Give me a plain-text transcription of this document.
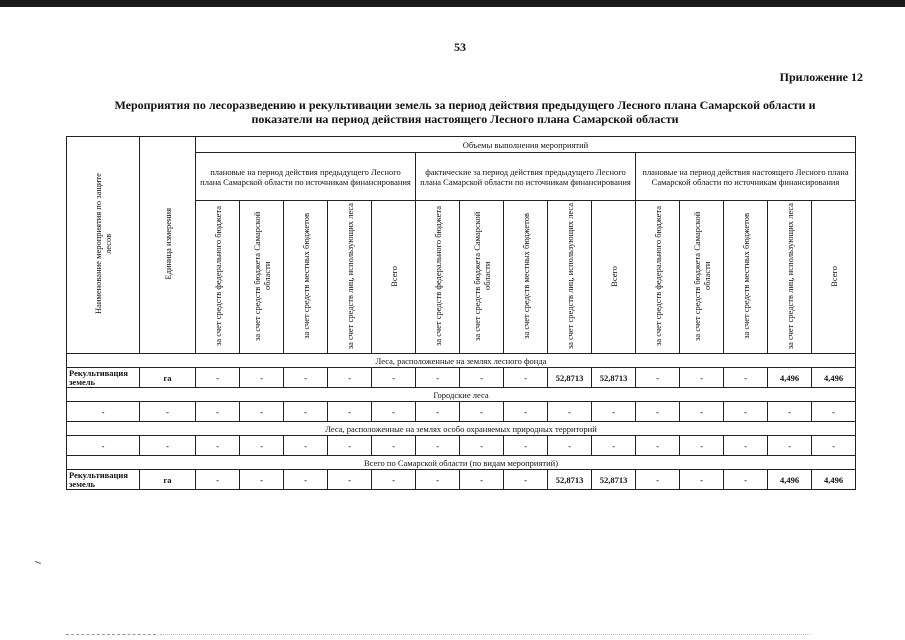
53
Приложение 12
Мероприятия по лесоразведению и рекультивации земель за период действия предыдущего Лесного плана Самарской области и
показатели на период действия настоящего Лесного плана Самарской области
Наименование мероприятия по защите лесов	Единица измерения	Объемы выполнения мероприятий														
		плановые на период действия предыдущего Лесного плана Самарской области по источникам финансирования					фактические за период действия предыдущего Лесного плана Самарской области по источникам финансирования					плановые на период действия настоящего Лесного плана Самарской области по источникам финансирования				
		за счет средств федерального бюджета	за счет средств бюджета Самарской области	за счет средств местных бюджетов	за счет средств лиц, использующих леса	Всего	за счет средств федерального бюджета	за счет средств бюджета Самарской области	за счет средств местных бюджетов	за счет средств лиц, использующих леса	Всего	за счет средств федерального бюджета	за счет средств бюджета Самарской области	за счет средств местных бюджетов	за счет средств лиц, использующих леса	Всего
Леса, расположенные на землях лесного фонда																
Рекультивация земель	га	-	-	-	-	-	-	-	-	52,8713	52,8713	-	-	-	4,496	4,496
Городские леса																
-	-	-	-	-	-	-	-	-	-	-	-	-	-	-	-	-
Леса, расположенные на землях особо охраняемых природных территорий																
-	-	-	-	-	-	-	-	-	-	-	-	-	-	-	-	-
Всего по Самарской области (по видам мероприятий)																
Рекультивация земель	га	-	-	-	-	-	-	-	-	52,8713	52,8713	-	-	-	4,496	4,496
